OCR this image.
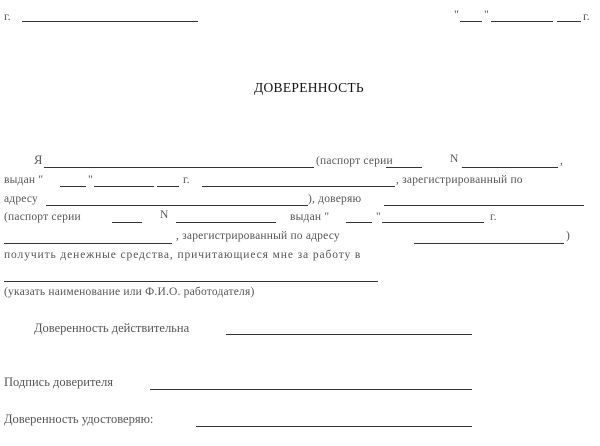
г.	" "	г.
ДОВЕРЕННОСТЬ
Я	(паспорт серии	N	,
выдан "	"	г.	, зарегистрированный по
адресу	), доверяю
(паспорт серии	N	выдан "	"	г.
, зарегистрированный по адресу	)
получить денежные средства, причитающиеся мне за работу в
(указать наименование или Ф.И.О. работодателя)
Доверенность действительна
Подпись доверителя
Доверенность удостоверяю:
